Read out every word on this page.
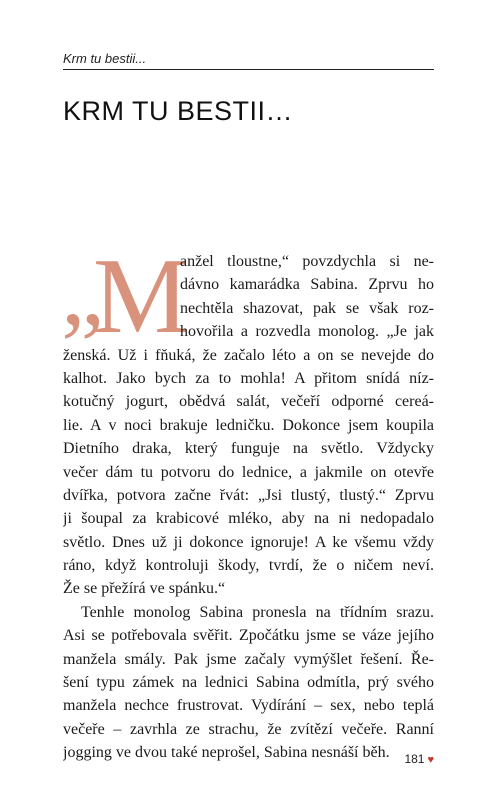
Krm tu bestii...
KRM TU BESTII…
„
M
anžel tloustne,“ povzdychla si ne-
dávno kamarádka Sabina. Zprvu ho
nechtěla shazovat, pak se však roz-
hovořila a rozvedla monolog. „Je jak
ženská. Už i fňuká, že začalo léto a on se nevejde do
kalhot. Jako bych za to mohla! A přitom snídá níz-
kotučný jogurt, obědvá salát, večeří odporné cereá-
lie. A v noci brakuje ledničku. Dokonce jsem koupila
Dietního draka, který funguje na světlo. Vždycky
večer dám tu potvoru do lednice, a jakmile on otevře
dvířka, potvora začne řvát: „Jsi tlustý, tlustý.“ Zprvu
ji šoupal za krabicové mléko, aby na ni nedopadalo
světlo. Dnes už ji dokonce ignoruje! A ke všemu vždy
ráno, když kontroluji škody, tvrdí, že o ničem neví.
Že se přežírá ve spánku.“
Tenhle monolog Sabina pronesla na třídním srazu.
Asi se potřebovala svěřit. Zpočátku jsme se váze jejího
manžela smály. Pak jsme začaly vymýšlet řešení. Ře-
šení typu zámek na lednici Sabina odmítla, prý svého
manžela nechce frustrovat. Vydírání – sex, nebo teplá
večeře – zavrhla ze strachu, že zvítězí večeře. Ranní
jogging ve dvou také neprošel, Sabina nesnáší běh.	181 ♥
